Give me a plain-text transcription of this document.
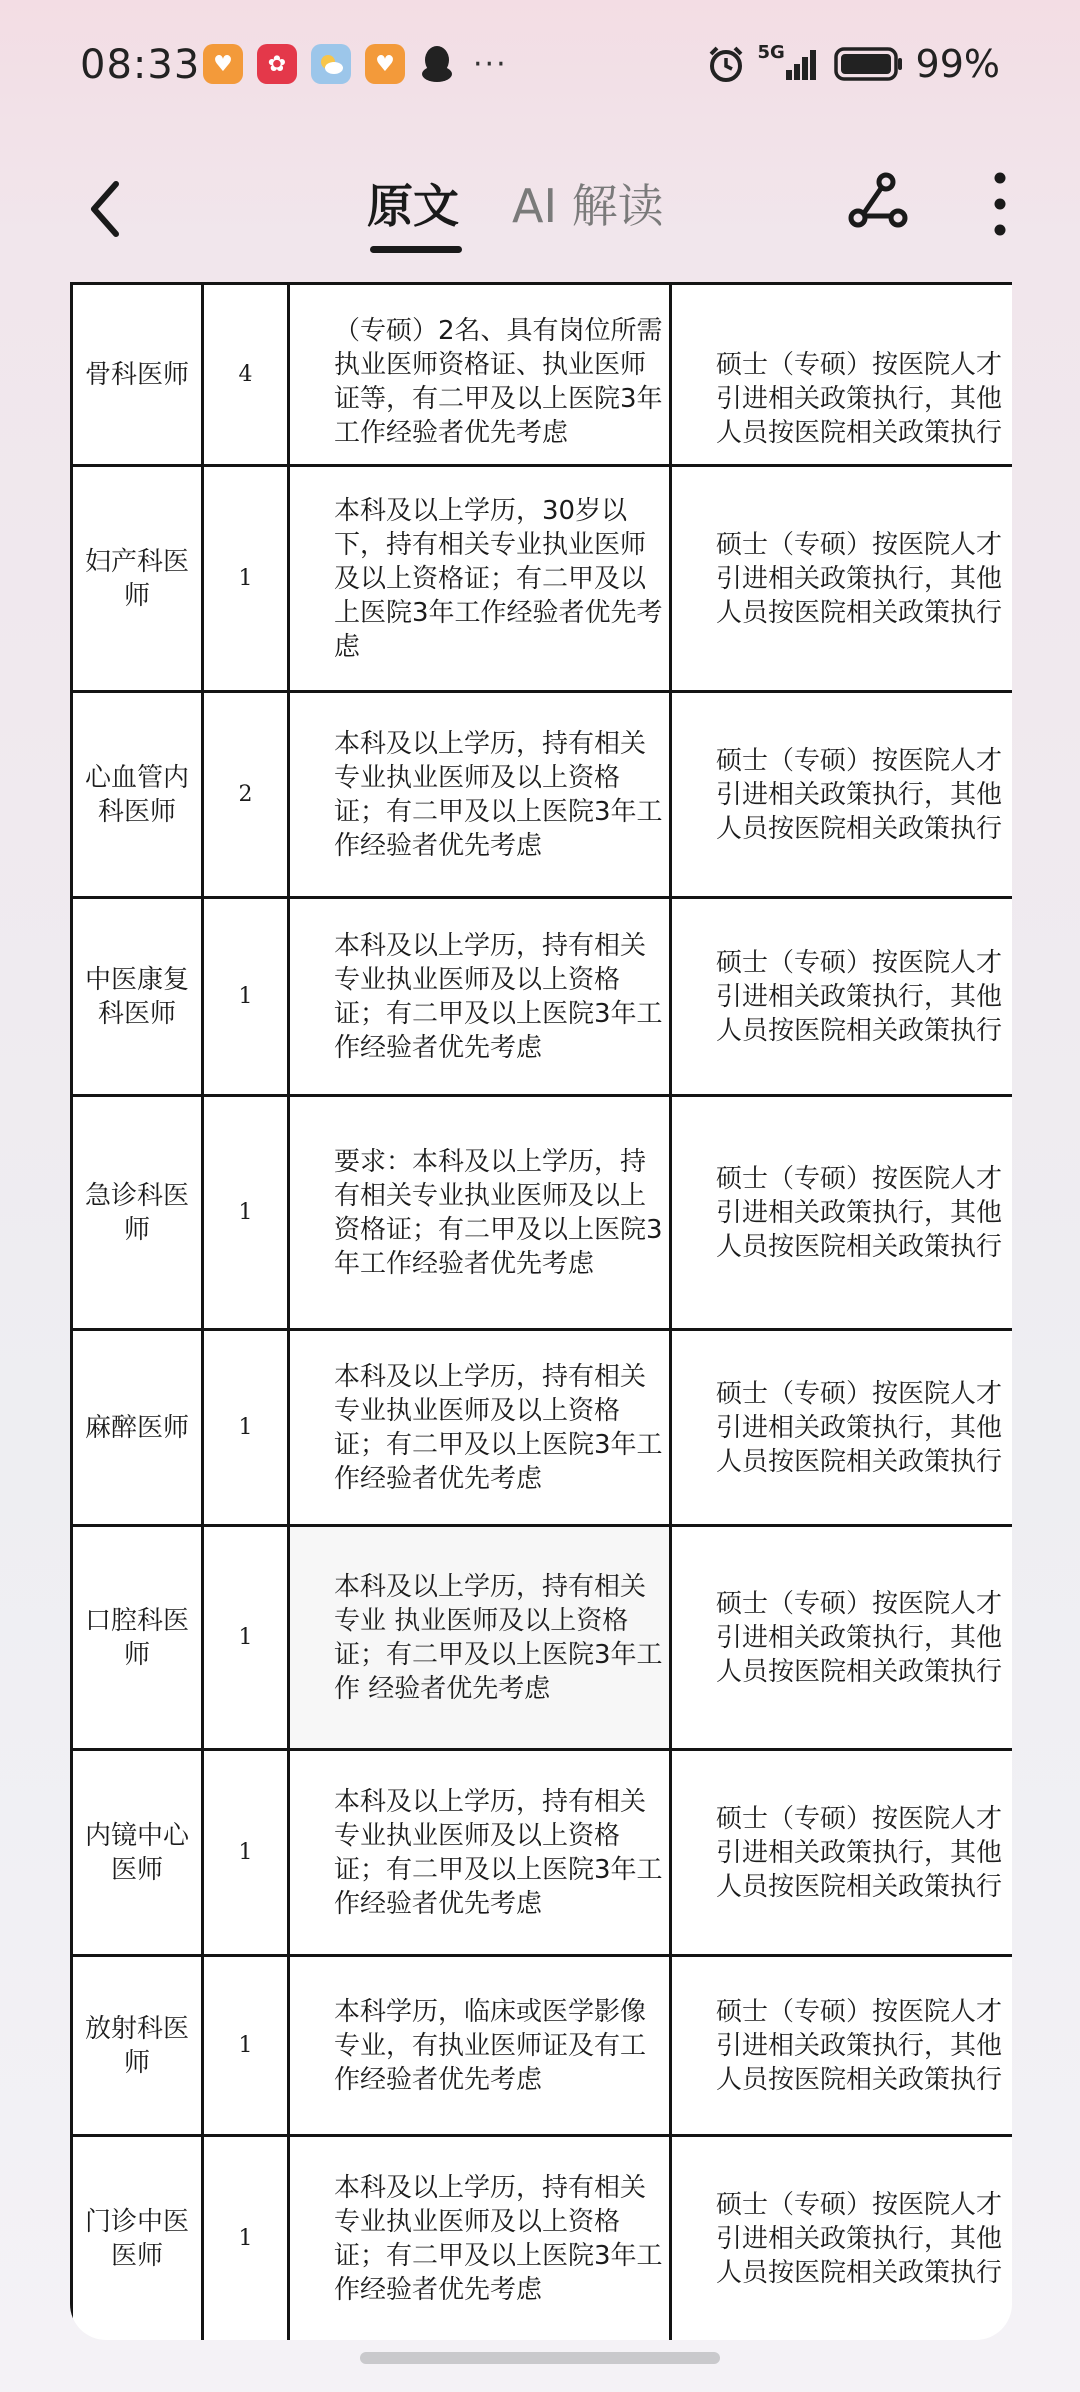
08:33 ♥	✿	♥	···	5G	99%
原文 AI 解读
骨科医师	4	（专硕）2名、具有岗位所需执业医师资格证、执业医师证等，有二甲及以上医院3年工作经验者优先考虑	硕士（专硕）按医院人才引进相关政策执行，其他人员按医院相关政策执行
妇产科医师	1	本科及以上学历，30岁以下，持有相关专业执业医师及以上资格证；有二甲及以上医院3年工作经验者优先考虑	硕士（专硕）按医院人才引进相关政策执行，其他人员按医院相关政策执行
心血管内科医师	2	本科及以上学历，持有相关专业执业医师及以上资格证；有二甲及以上医院3年工作经验者优先考虑	硕士（专硕）按医院人才引进相关政策执行，其他人员按医院相关政策执行
中医康复科医师	1	本科及以上学历，持有相关专业执业医师及以上资格证；有二甲及以上医院3年工作经验者优先考虑	硕士（专硕）按医院人才引进相关政策执行，其他人员按医院相关政策执行
急诊科医师	1	要求：本科及以上学历，持有相关专业执业医师及以上资格证；有二甲及以上医院3年工作经验者优先考虑	硕士（专硕）按医院人才引进相关政策执行，其他人员按医院相关政策执行
麻醉医师	1	本科及以上学历，持有相关专业执业医师及以上资格证；有二甲及以上医院3年工作经验者优先考虑	硕士（专硕）按医院人才引进相关政策执行，其他人员按医院相关政策执行
口腔科医师	1	本科及以上学历，持有相关专业 执业医师及以上资格证；有二甲及以上医院3年工作 经验者优先考虑	硕士（专硕）按医院人才引进相关政策执行，其他人员按医院相关政策执行
内镜中心医师	1	本科及以上学历，持有相关专业执业医师及以上资格证；有二甲及以上医院3年工作经验者优先考虑	硕士（专硕）按医院人才引进相关政策执行，其他人员按医院相关政策执行
放射科医师	1	本科学历，临床或医学影像专业，有执业医师证及有工作经验者优先考虑	硕士（专硕）按医院人才引进相关政策执行，其他人员按医院相关政策执行
门诊中医医师	1	本科及以上学历，持有相关专业执业医师及以上资格证；有二甲及以上医院3年工作经验者优先考虑	硕士（专硕）按医院人才引进相关政策执行，其他人员按医院相关政策执行
